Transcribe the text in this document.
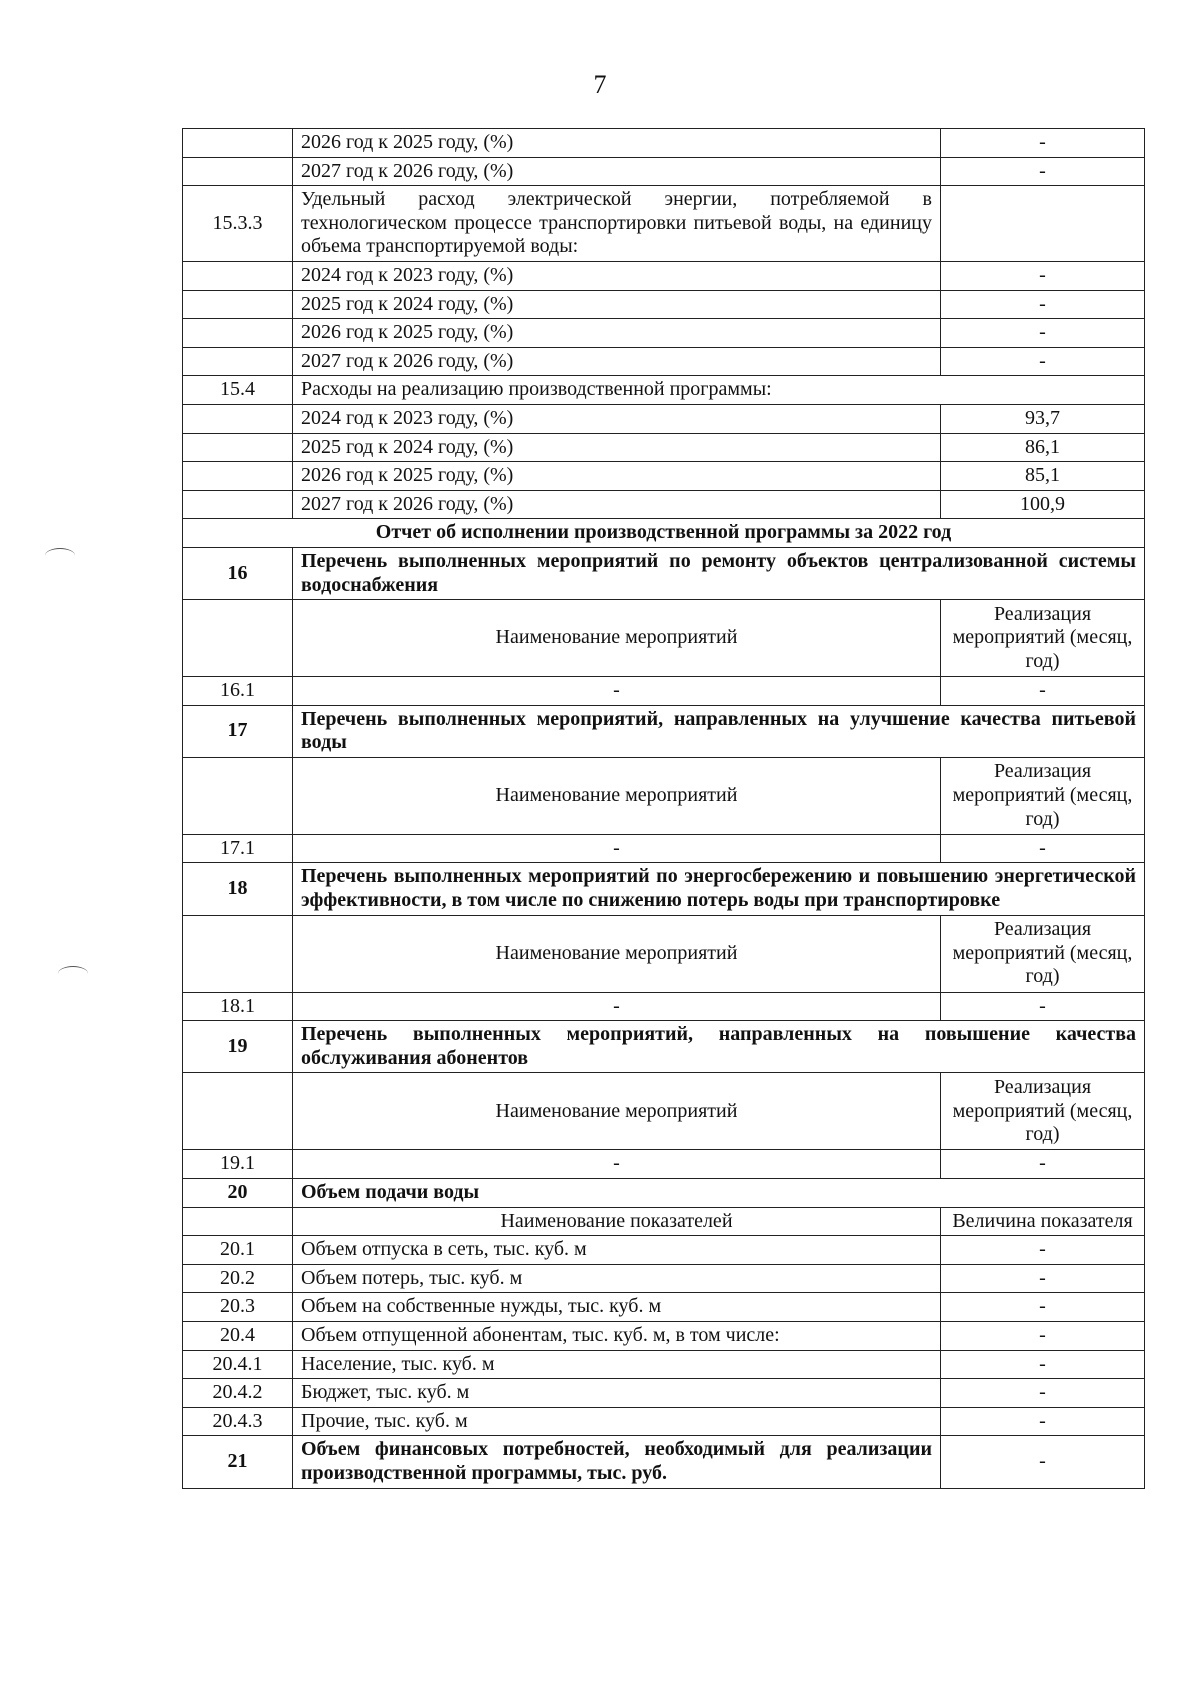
7
	2026 год к 2025 году, (%)	-
	2027 год к 2026 году, (%)	-
15.3.3	Удельный расход электрической энергии, потребляемой в технологическом процессе транспортировки питьевой воды, на единицу объема транспортируемой воды:	
	2024 год к 2023 году, (%)	-
	2025 год к 2024 году, (%)	-
	2026 год к 2025 году, (%)	-
	2027 год к 2026 году, (%)	-
15.4	Расходы на реализацию производственной программы:	
	2024 год к 2023 году, (%)	93,7
	2025 год к 2024 году, (%)	86,1
	2026 год к 2025 году, (%)	85,1
	2027 год к 2026 году, (%)	100,9
Отчет об исполнении производственной программы за 2022 год		
16	Перечень выполненных мероприятий по ремонту объектов централизованной системы водоснабжения	
	Наименование мероприятий	Реализация мероприятий (месяц, год)
16.1	-	-
17	Перечень выполненных мероприятий, направленных на улучшение качества питьевой воды	
	Наименование мероприятий	Реализация мероприятий (месяц, год)
17.1	-	-
18	Перечень выполненных мероприятий по энергосбережению и повышению энергетической эффективности, в том числе по снижению потерь воды при транспортировке	
	Наименование мероприятий	Реализация мероприятий (месяц, год)
18.1	-	-
19	Перечень выполненных мероприятий, направленных на повышение качества обслуживания абонентов	
	Наименование мероприятий	Реализация мероприятий (месяц, год)
19.1	-	-
20	Объем подачи воды	
	Наименование показателей	Величина показателя
20.1	Объем отпуска в сеть, тыс. куб. м	-
20.2	Объем потерь, тыс. куб. м	-
20.3	Объем на собственные нужды, тыс. куб. м	-
20.4	Объем отпущенной абонентам, тыс. куб. м, в том числе:	-
20.4.1	Население, тыс. куб. м	-
20.4.2	Бюджет, тыс. куб. м	-
20.4.3	Прочие, тыс. куб. м	-
21	Объем финансовых потребностей, необходимый для реализации производственной программы, тыс. руб.	-
